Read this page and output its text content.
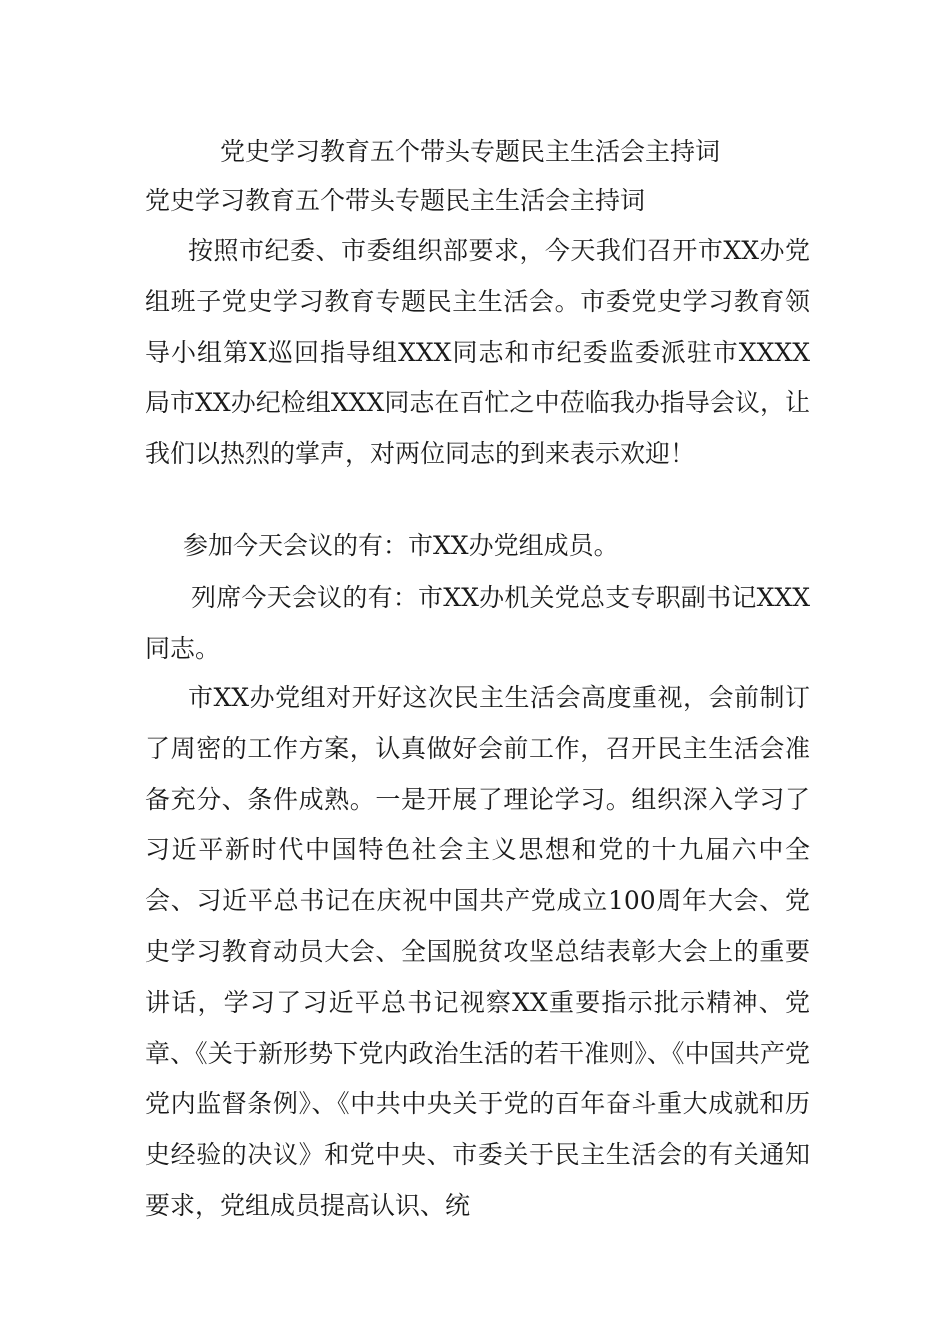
党史学习教育五个带头专题民主生活会主持词
党史学习教育五个带头专题民主生活会主持词

按照市纪委、市委组织部要求，今天我们召开市XX办党组班子党史学习教育专题民主生活会。市委党史学习教育领导小组第X巡回指导组XXX同志和市纪委监委派驻市XXXX局市XX办纪检组XXX同志在百忙之中莅临我办指导会议，让我们以热烈的掌声，对两位同志的到来表示欢迎！

参加今天会议的有：市XX办党组成员。

列席今天会议的有：市XX办机关党总支专职副书记XXX同志。

市XX办党组对开好这次民主生活会高度重视，会前制订了周密的工作方案，认真做好会前工作，召开民主生活会准备充分、条件成熟。一是开展了理论学习。组织深入学习了习近平新时代中国特色社会主义思想和党的十九届六中全会、习近平总书记在庆祝中国共产党成立100周年大会、党史学习教育动员大会、全国脱贫攻坚总结表彰大会上的重要讲话，学习了习近平总书记视察XX重要指示批示精神、党章、《关于新形势下党内政治生活的若干准则》、《中国共产党党内监督条例》、《中共中央关于党的百年奋斗重大成就和历史经验的决议》和党中央、市委关于民主生活会的有关通知要求，党组成员提高认识、统
